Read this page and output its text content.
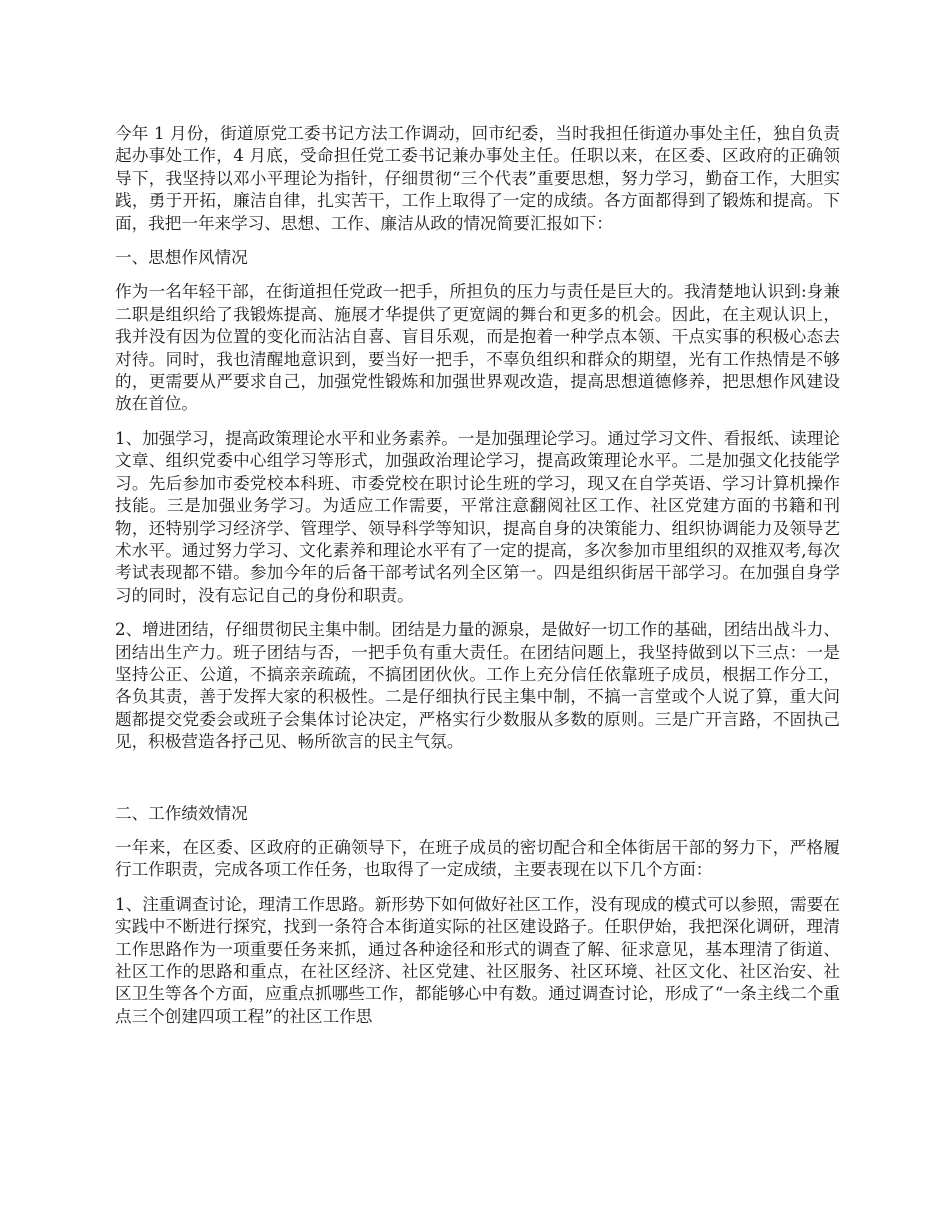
今年 1 月份，街道原党工委书记方法工作调动，回市纪委，当时我担任街道办事处主任，独自负责起办事处工作，4 月底，受命担任党工委书记兼办事处主任。任职以来，在区委、区政府的正确领导下，我坚持以邓小平理论为指针，仔细贯彻“三个代表”重要思想，努力学习，勤奋工作，大胆实践，勇于开拓，廉洁自律，扎实苦干，工作上取得了一定的成绩。各方面都得到了锻炼和提高。下面，我把一年来学习、思想、工作、廉洁从政的情况简要汇报如下：

一、思想作风情况

作为一名年轻干部，在街道担任党政一把手，所担负的压力与责任是巨大的。我清楚地认识到:身兼二职是组织给了我锻炼提高、施展才华提供了更宽阔的舞台和更多的机会。因此，在主观认识上，我并没有因为位置的变化而沾沾自喜、盲目乐观，而是抱着一种学点本领、干点实事的积极心态去对待。同时，我也清醒地意识到，要当好一把手，不辜负组织和群众的期望，光有工作热情是不够的，更需要从严要求自己，加强党性锻炼和加强世界观改造，提高思想道德修养，把思想作风建设放在首位。

1、加强学习，提高政策理论水平和业务素养。一是加强理论学习。通过学习文件、看报纸、读理论文章、组织党委中心组学习等形式，加强政治理论学习，提高政策理论水平。二是加强文化技能学习。先后参加市委党校本科班、市委党校在职讨论生班的学习，现又在自学英语、学习计算机操作技能。三是加强业务学习。为适应工作需要，平常注意翻阅社区工作、社区党建方面的书籍和刊物，还特别学习经济学、管理学、领导科学等知识，提高自身的决策能力、组织协调能力及领导艺术水平。通过努力学习、文化素养和理论水平有了一定的提高，多次参加市里组织的双推双考,每次考试表现都不错。参加今年的后备干部考试名列全区第一。四是组织街居干部学习。在加强自身学习的同时，没有忘记自己的身份和职责。

2、增进团结，仔细贯彻民主集中制。团结是力量的源泉，是做好一切工作的基础，团结出战斗力、团结出生产力。班子团结与否，一把手负有重大责任。在团结问题上，我坚持做到以下三点：一是坚持公正、公道，不搞亲亲疏疏，不搞团团伙伙。工作上充分信任依靠班子成员，根据工作分工，各负其责，善于发挥大家的积极性。二是仔细执行民主集中制，不搞一言堂或个人说了算，重大问题都提交党委会或班子会集体讨论决定，严格实行少数服从多数的原则。三是广开言路，不固执己见，积极营造各抒己见、畅所欲言的民主气氛。

二、工作绩效情况

一年来，在区委、区政府的正确领导下，在班子成员的密切配合和全体街居干部的努力下，严格履行工作职责，完成各项工作任务，也取得了一定成绩，主要表现在以下几个方面：

1、注重调查讨论，理清工作思路。新形势下如何做好社区工作，没有现成的模式可以参照，需要在实践中不断进行探究，找到一条符合本街道实际的社区建设路子。任职伊始，我把深化调研，理清工作思路作为一项重要任务来抓，通过各种途径和形式的调查了解、征求意见，基本理清了街道、社区工作的思路和重点，在社区经济、社区党建、社区服务、社区环境、社区文化、社区治安、社区卫生等各个方面，应重点抓哪些工作，都能够心中有数。通过调查讨论，形成了“一条主线二个重点三个创建四项工程”的社区工作思
